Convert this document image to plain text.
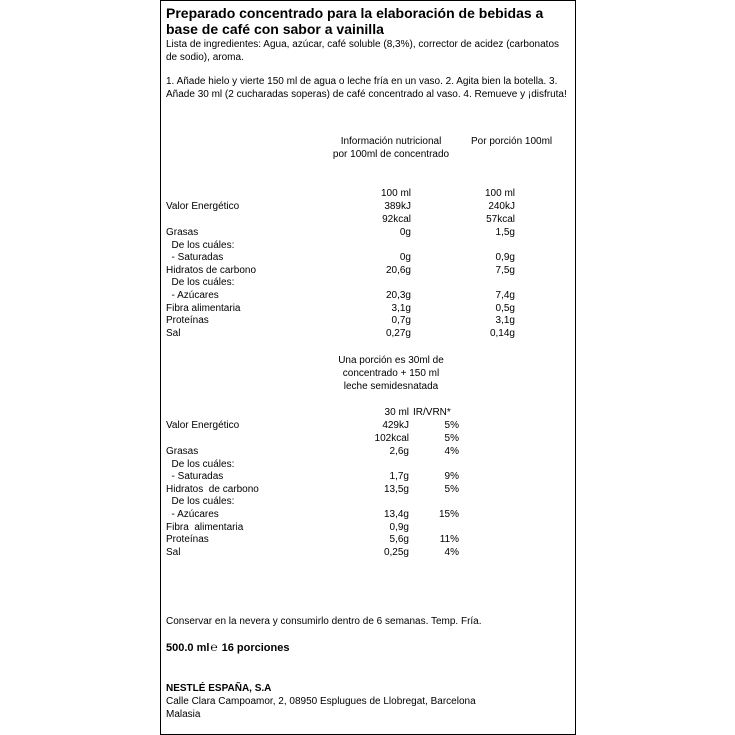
Preparado concentrado para la elaboración de bebidas a base de café con sabor a vainilla
Lista de ingredientes: Agua, azúcar, café soluble (8,3%), corrector de acidez (carbonatos de sodio), aroma.
1. Añade hielo y vierte 150 ml de agua o leche fría en un vaso. 2. Agita bien la botella. 3. Añade 30 ml (2 cucharadas soperas) de café concentrado al vaso. 4. Remueve y ¡disfruta!
Información nutricional
por 100ml de concentrado
Por porción 100ml
100 ml	100 ml
Valor Energético	389kJ	240kJ
92kcal	57kcal
Grasas	0g	1,5g
De los cuáles:
- Saturadas	0g	0,9g
Hidratos de carbono	20,6g	7,5g
De los cuáles:
- Azúcares	20,3g	7,4g
Fibra alimentaria	3,1g	0,5g
Proteínas	0,7g	3,1g
Sal	0,27g	0,14g
Una porción es 30ml de
concentrado + 150 ml
leche semidesnatada
30 ml IR/VRN*
Valor Energético	429kJ	5%
102kcal	5%
Grasas	2,6g	4%
De los cuáles:
- Saturadas	1,7g	9%
Hidratos  de carbono	13,5g	5%
De los cuáles:
- Azúcares	13,4g	15%
Fibra  alimentaria	0,9g
Proteínas	5,6g	11%
Sal	0,25g	4%
Conservar en la nevera y consumirlo dentro de 6 semanas. Temp. Fría.
500.0 ml℮ 16 porciones
NESTLÉ ESPAÑA, S.A
Calle Clara Campoamor, 2, 08950 Esplugues de Llobregat, Barcelona
Malasia
